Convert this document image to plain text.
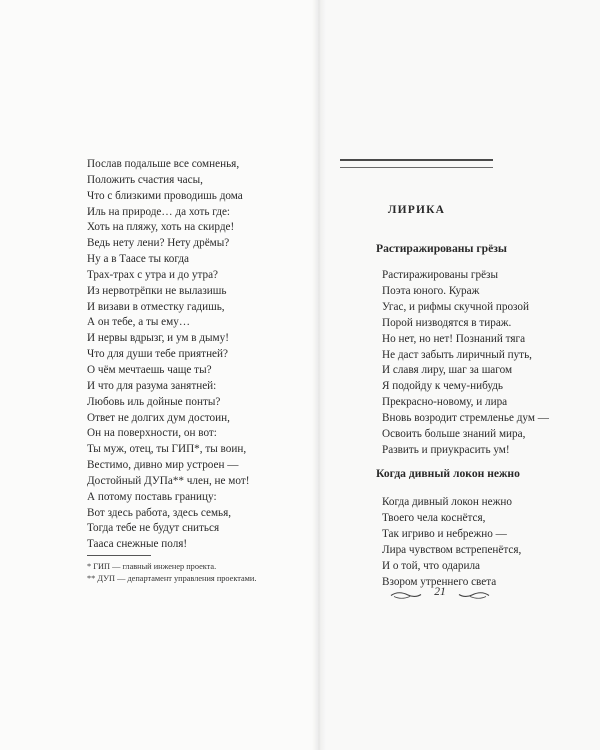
Послав подальше все сомненья,
Положить счастия часы,
Что с близкими проводишь дома
Иль на природе… да хоть где:
Хоть на пляжу, хоть на скирде!
Ведь нету лени? Нету дрёмы?
Ну а в Таасе ты когда
Трах-трах с утра и до утра?
Из нервотрёпки не вылазишь
И визави в отместку гадишь,
А он тебе, а ты ему…
И нервы вдрызг, и ум в дыму!
Что для души тебе приятней?
О чём мечтаешь чаще ты?
И что для разума занятней:
Любовь иль дойные понты?
Ответ не долгих дум достоин,
Он на поверхности, он вот:
Ты муж, отец, ты ГИП*, ты воин,
Вестимо, дивно мир устроен —
Достойный ДУПа** член, не мот!
А потому поставь границу:
Вот здесь работа, здесь семья,
Тогда тебе не будут сниться
Тааса снежные поля!
* ГИП — главный инженер проекта.
** ДУП — департамент управления проектами.
ЛИРИКА
Растиражированы грёзы
Растиражированы грёзы
Поэта юного. Кураж
Угас, и рифмы скучной прозой
Порой низводятся в тираж.
Но нет, но нет! Познаний тяга
Не даст забыть лиричный путь,
И славя лиру, шаг за шагом
Я подойду к чему-нибудь
Прекрасно-новому, и лира
Вновь возродит стремленье дум —
Освоить больше знаний мира,
Развить и приукрасить ум!
Когда дивный локон нежно
Когда дивный локон нежно
Твоего чела коснётся,
Так игриво и небрежно —
Лира чувством встрепенётся,
И о той, что одарила
Взором утреннего света
21
